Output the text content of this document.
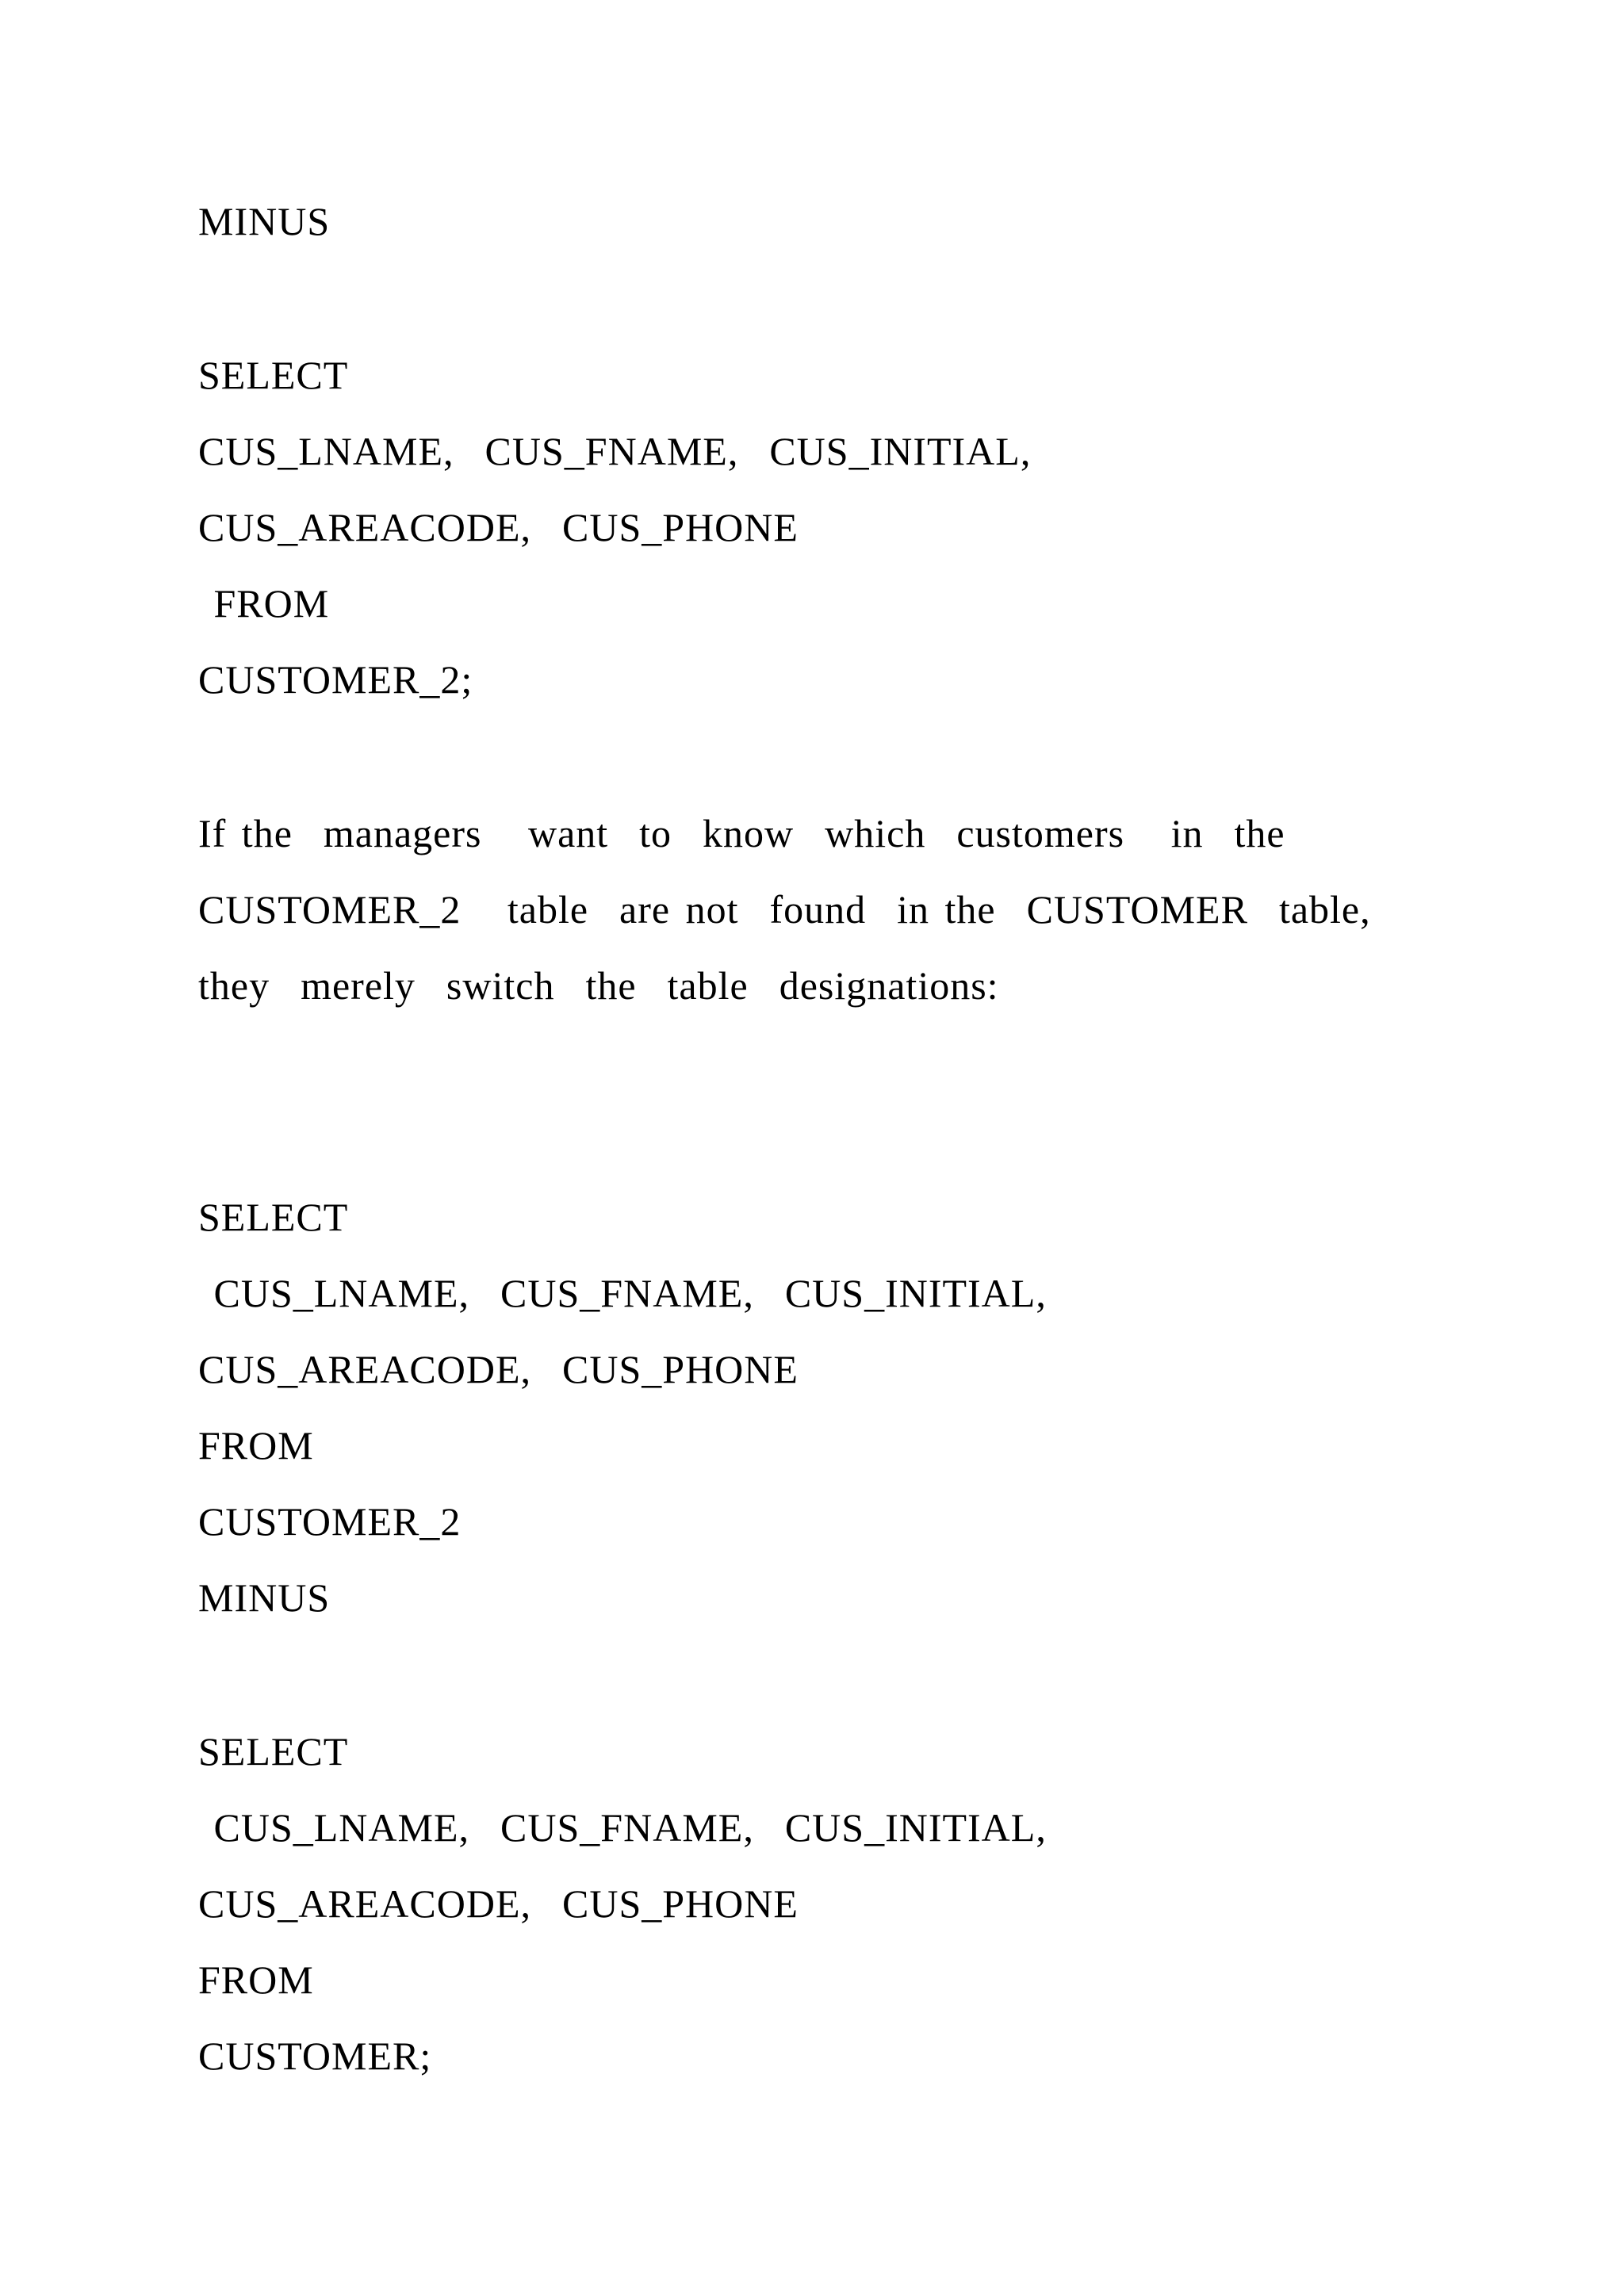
MINUS
SELECT
CUS_LNAME,  CUS_FNAME,  CUS_INITIAL,
CUS_AREACODE,  CUS_PHONE
FROM
CUSTOMER_2;
If the  managers   want  to  know  which  customers   in  the
CUSTOMER_2   table  are not  found  in the  CUSTOMER  table,
they  merely  switch  the  table  designations:
SELECT
CUS_LNAME,  CUS_FNAME,  CUS_INITIAL,
CUS_AREACODE,  CUS_PHONE
FROM
CUSTOMER_2
MINUS
SELECT
CUS_LNAME,  CUS_FNAME,  CUS_INITIAL,
CUS_AREACODE,  CUS_PHONE
FROM
CUSTOMER;
